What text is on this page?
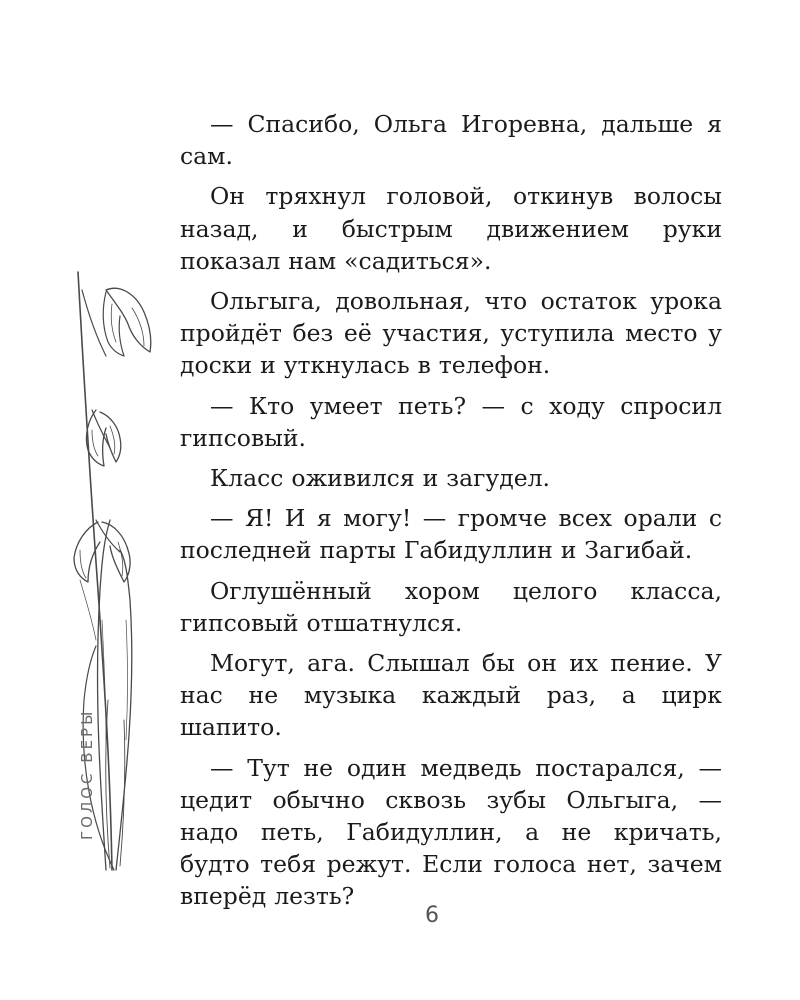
ГОЛОС ВЕРЫ

— Спасибо, Ольга Игоревна, дальше я сам.

Он тряхнул головой, откинув волосы назад, и быстрым движением руки показал нам «садиться».

Ольгыга, довольная, что остаток урока пройдёт без её участия, уступила место у доски и уткнулась в телефон.

— Кто умеет петь? — с ходу спросил гипсовый.

Класс оживился и загудел.

— Я! И я могу! — громче всех орали с последней парты Габидуллин и Загибай.

Оглушённый хором целого класса, гипсовый отшатнулся.

Могут, ага. Слышал бы он их пение. У нас не музыка каждый раз, а цирк шапито.

— Тут не один медведь постарался, — цедит обычно сквозь зубы Ольгыга, — надо петь, Габидуллин, а не кричать, будто тебя режут. Если голоса нет, зачем вперёд лезть?

6
